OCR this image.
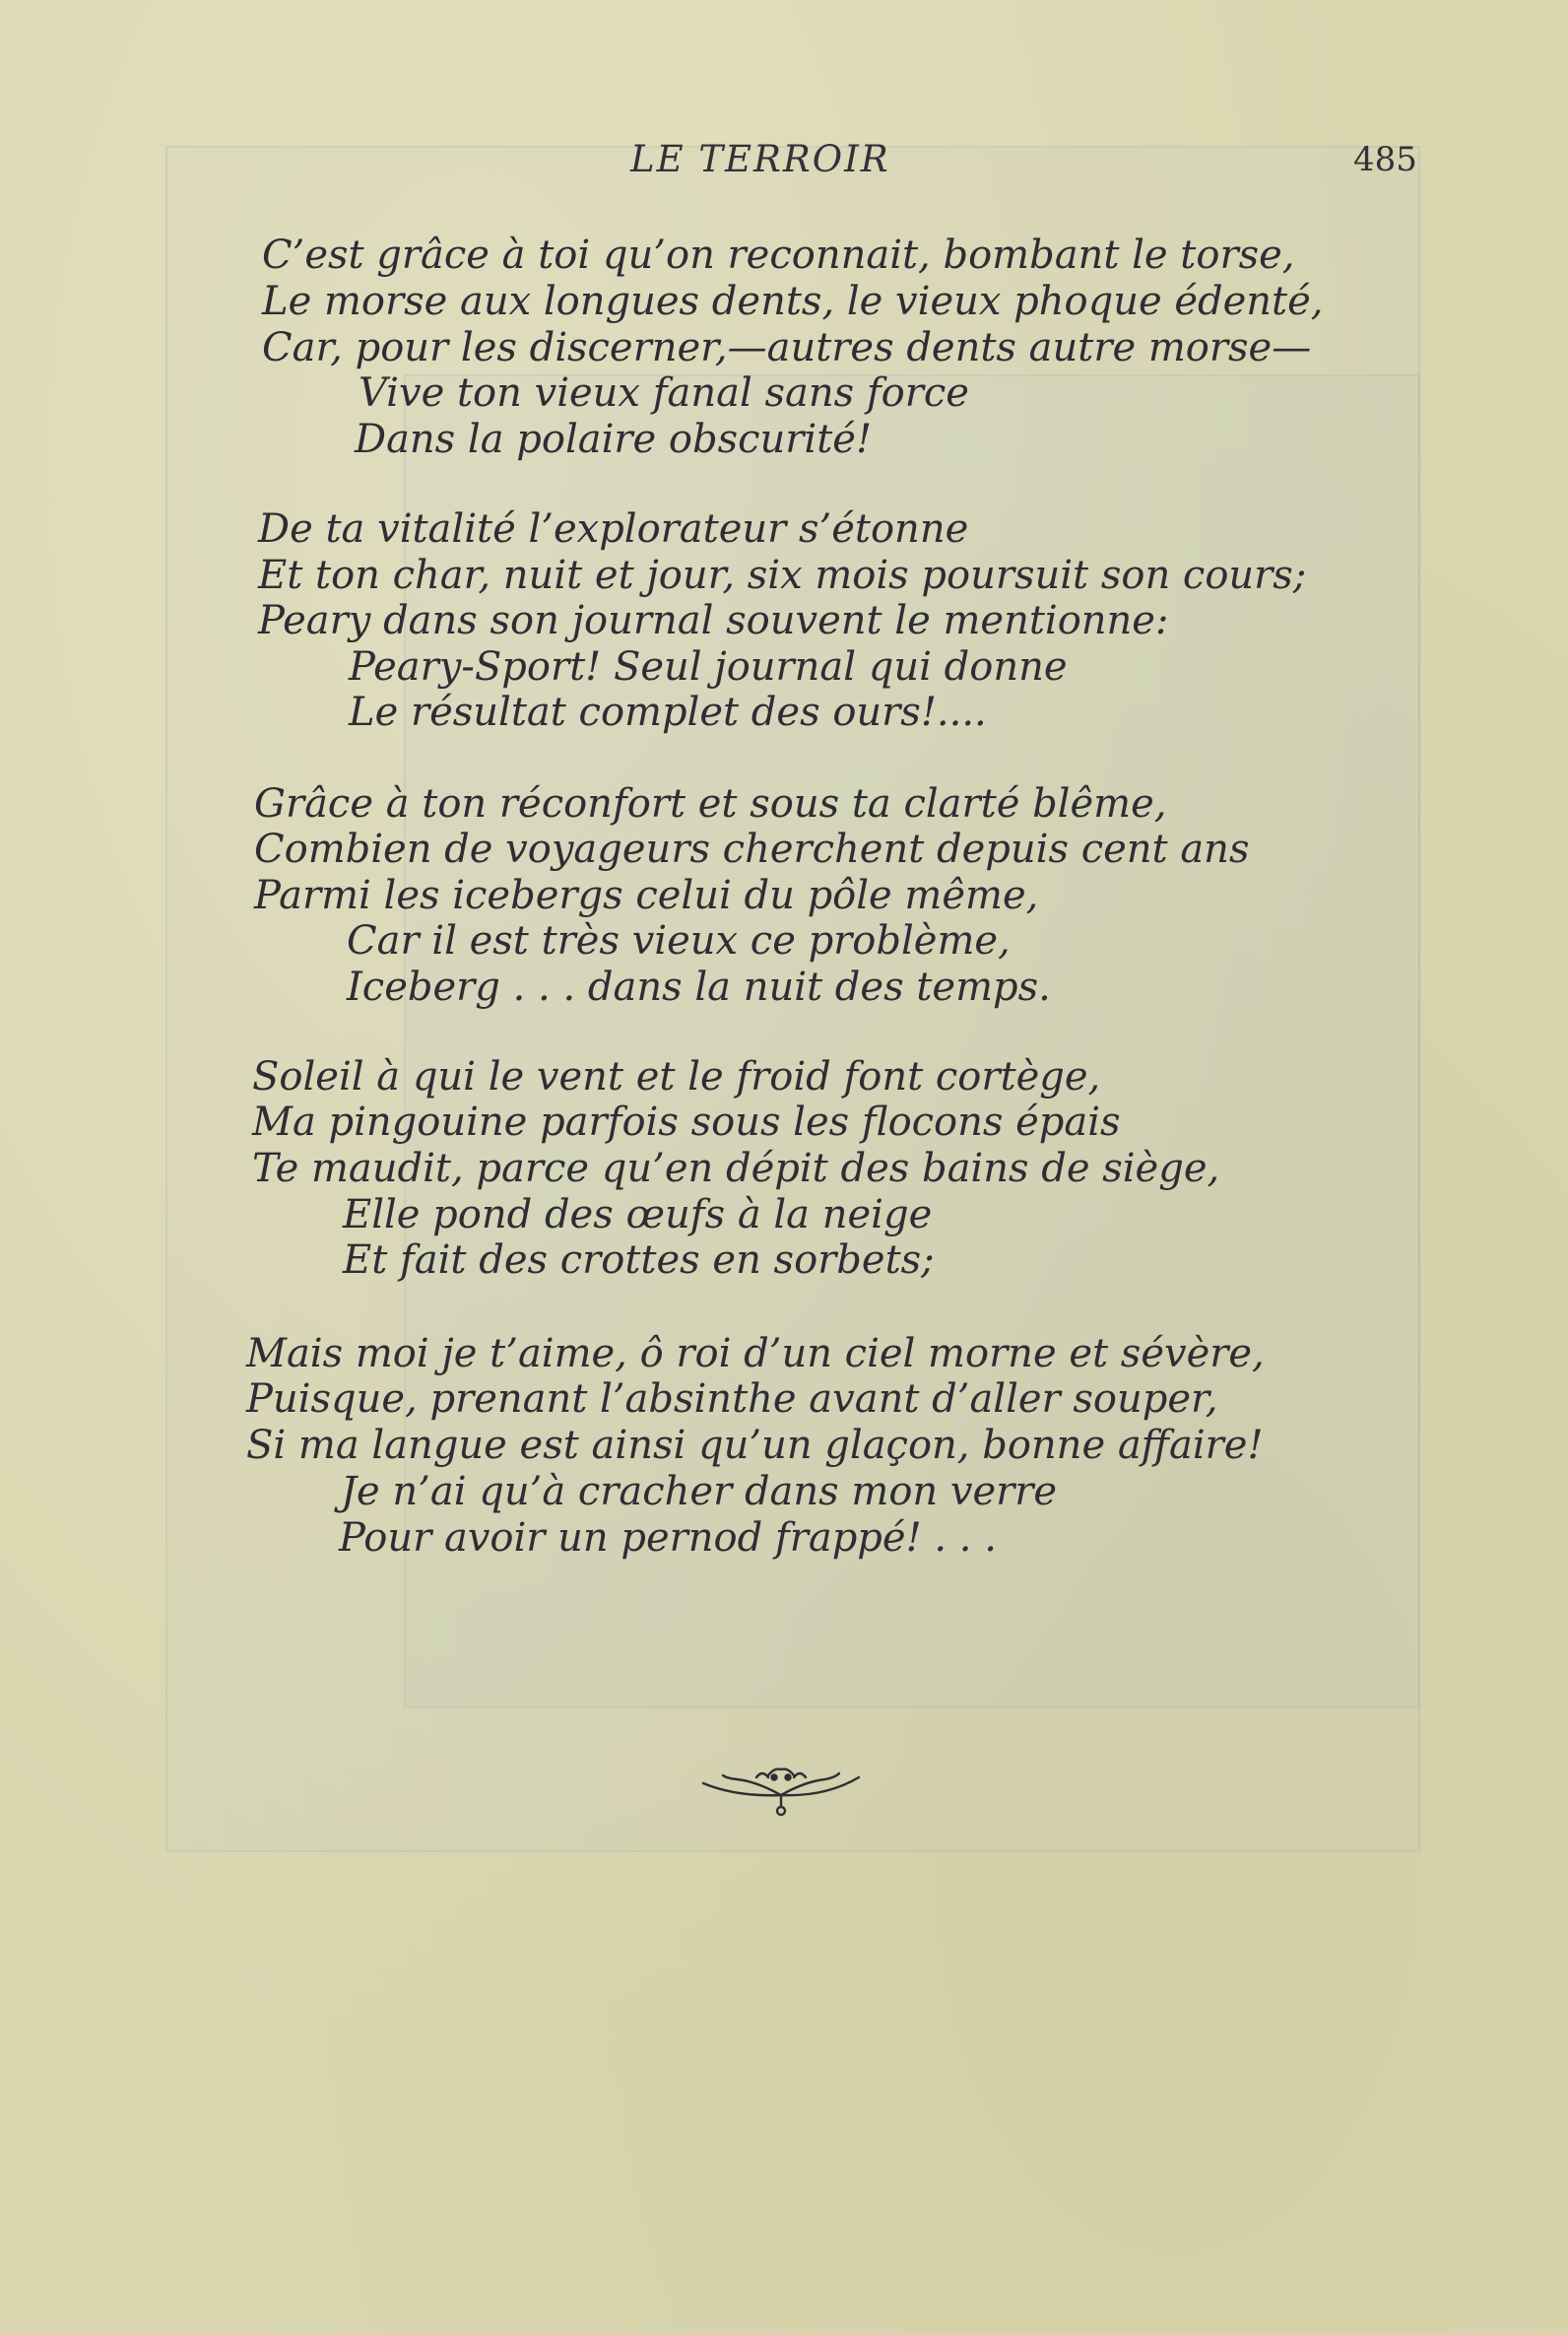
LE TERROIR	485
C’est grâce à toi qu’on reconnait, bombant le torse,
Le morse aux longues dents, le vieux phoque édenté,
Car, pour les discerner,—autres dents autre morse—
Vive ton vieux fanal sans force
Dans la polaire obscurité!
De ta vitalité l’explorateur s’étonne
Et ton char, nuit et jour, six mois poursuit son cours;
Peary dans son journal souvent le mentionne:
Peary-Sport! Seul journal qui donne
Le résultat complet des ours!....
Grâce à ton réconfort et sous ta clarté blême,
Combien de voyageurs cherchent depuis cent ans
Parmi les icebergs celui du pôle même,
Car il est très vieux ce problème,
Iceberg . . . dans la nuit des temps.
Soleil à qui le vent et le froid font cortège,
Ma pingouine parfois sous les flocons épais
Te maudit, parce qu’en dépit des bains de siège,
Elle pond des œufs à la neige
Et fait des crottes en sorbets;
Mais moi je t’aime, ô roi d’un ciel morne et sévère,
Puisque, prenant l’absinthe avant d’aller souper,
Si ma langue est ainsi qu’un glaçon, bonne affaire!
Je n’ai qu’à cracher dans mon verre
Pour avoir un pernod frappé! . . .
